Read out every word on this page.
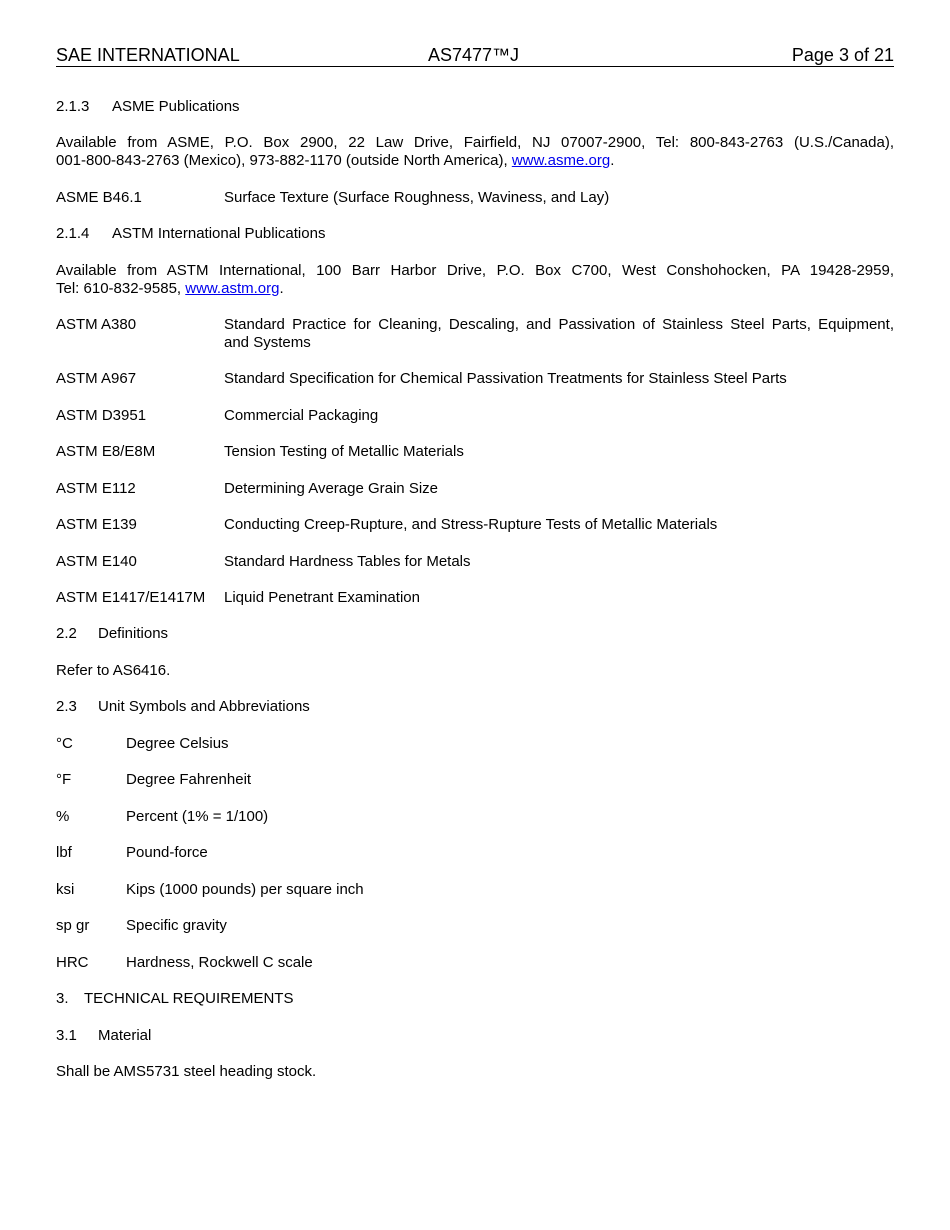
SAE INTERNATIONAL	AS7477™J	Page 3 of 21
2.1.3 ASME Publications
Available from ASME, P.O. Box 2900, 22 Law Drive, Fairfield, NJ 07007-2900, Tel: 800-843-2763 (U.S./Canada),
001-800-843-2763 (Mexico), 973-882-1170 (outside North America), www.asme.org.
ASME B46.1	Surface Texture (Surface Roughness, Waviness, and Lay)
2.1.4 ASTM International Publications
Available from ASTM International, 100 Barr Harbor Drive, P.O. Box C700, West Conshohocken, PA 19428-2959,
Tel: 610-832-9585, www.astm.org.
ASTM A380	Standard Practice for Cleaning, Descaling, and Passivation of Stainless Steel Parts, Equipment,
and Systems
ASTM A967	Standard Specification for Chemical Passivation Treatments for Stainless Steel Parts
ASTM D3951	Commercial Packaging
ASTM E8/E8M	Tension Testing of Metallic Materials
ASTM E112	Determining Average Grain Size
ASTM E139	Conducting Creep-Rupture, and Stress-Rupture Tests of Metallic Materials
ASTM E140	Standard Hardness Tables for Metals
ASTM E1417/E1417M Liquid Penetrant Examination
2.2 Definitions
Refer to AS6416.
2.3 Unit Symbols and Abbreviations
°C	Degree Celsius
°F	Degree Fahrenheit
%	Percent (1% = 1/100)
lbf	Pound-force
ksi	Kips (1000 pounds) per square inch
sp gr Specific gravity
HRC	Hardness, Rockwell C scale
3. TECHNICAL REQUIREMENTS
3.1 Material
Shall be AMS5731 steel heading stock.
